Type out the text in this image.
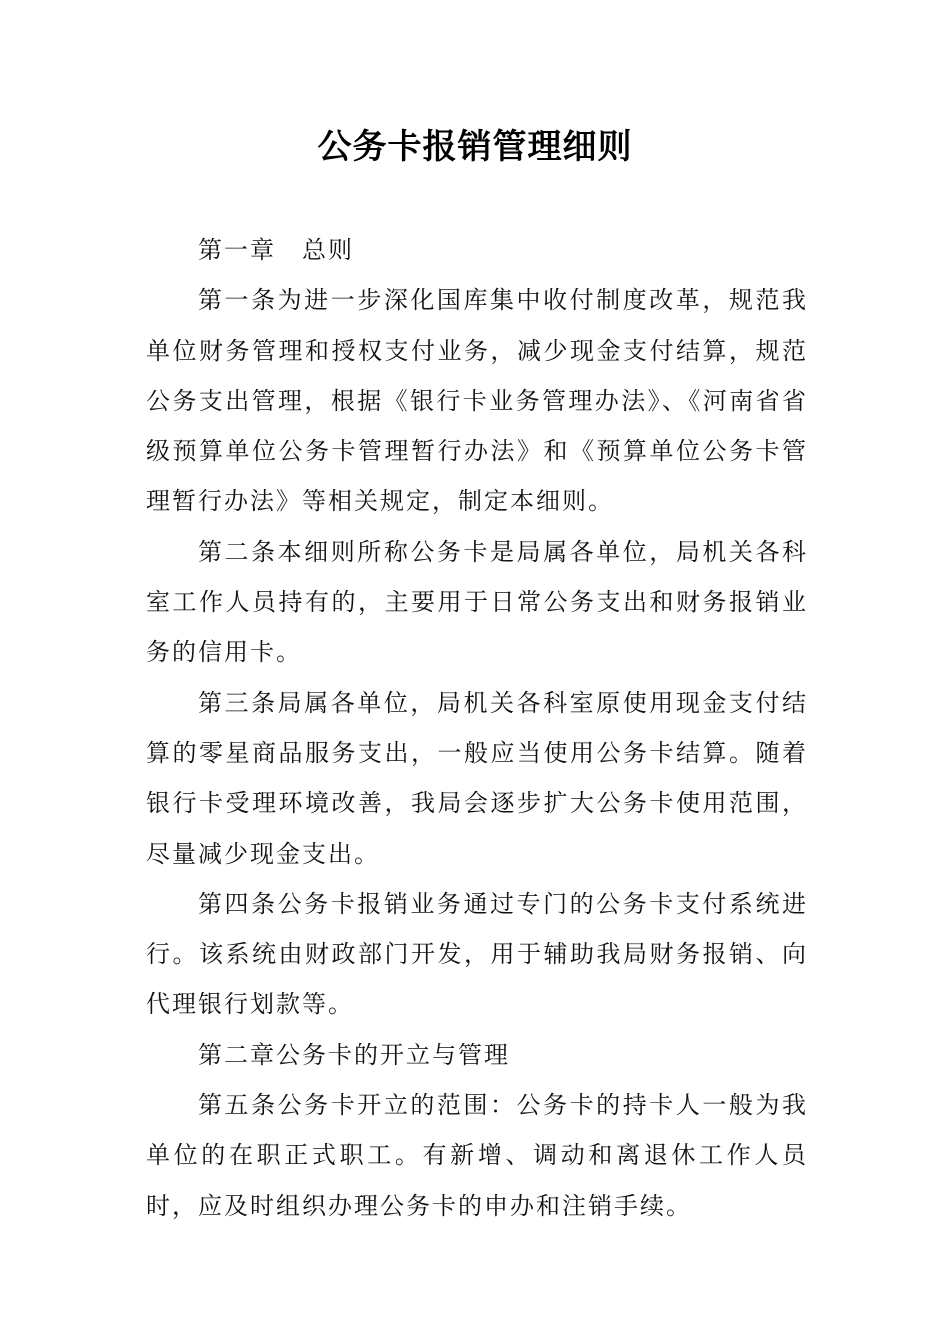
公务卡报销管理细则

第一章　总则

第一条为进一步深化国库集中收付制度改革，规范我单位财务管理和授权支付业务，减少现金支付结算，规范公务支出管理，根据《银行卡业务管理办法》、《河南省省级预算单位公务卡管理暂行办法》和《预算单位公务卡管理暂行办法》等相关规定，制定本细则。

第二条本细则所称公务卡是局属各单位，局机关各科室工作人员持有的，主要用于日常公务支出和财务报销业务的信用卡。

第三条局属各单位，局机关各科室原使用现金支付结算的零星商品服务支出，一般应当使用公务卡结算。随着银行卡受理环境改善，我局会逐步扩大公务卡使用范围，尽量减少现金支出。

第四条公务卡报销业务通过专门的公务卡支付系统进行。该系统由财政部门开发，用于辅助我局财务报销、向代理银行划款等。

第二章公务卡的开立与管理

第五条公务卡开立的范围：公务卡的持卡人一般为我单位的在职正式职工。有新增、调动和离退休工作人员时，应及时组织办理公务卡的申办和注销手续。
